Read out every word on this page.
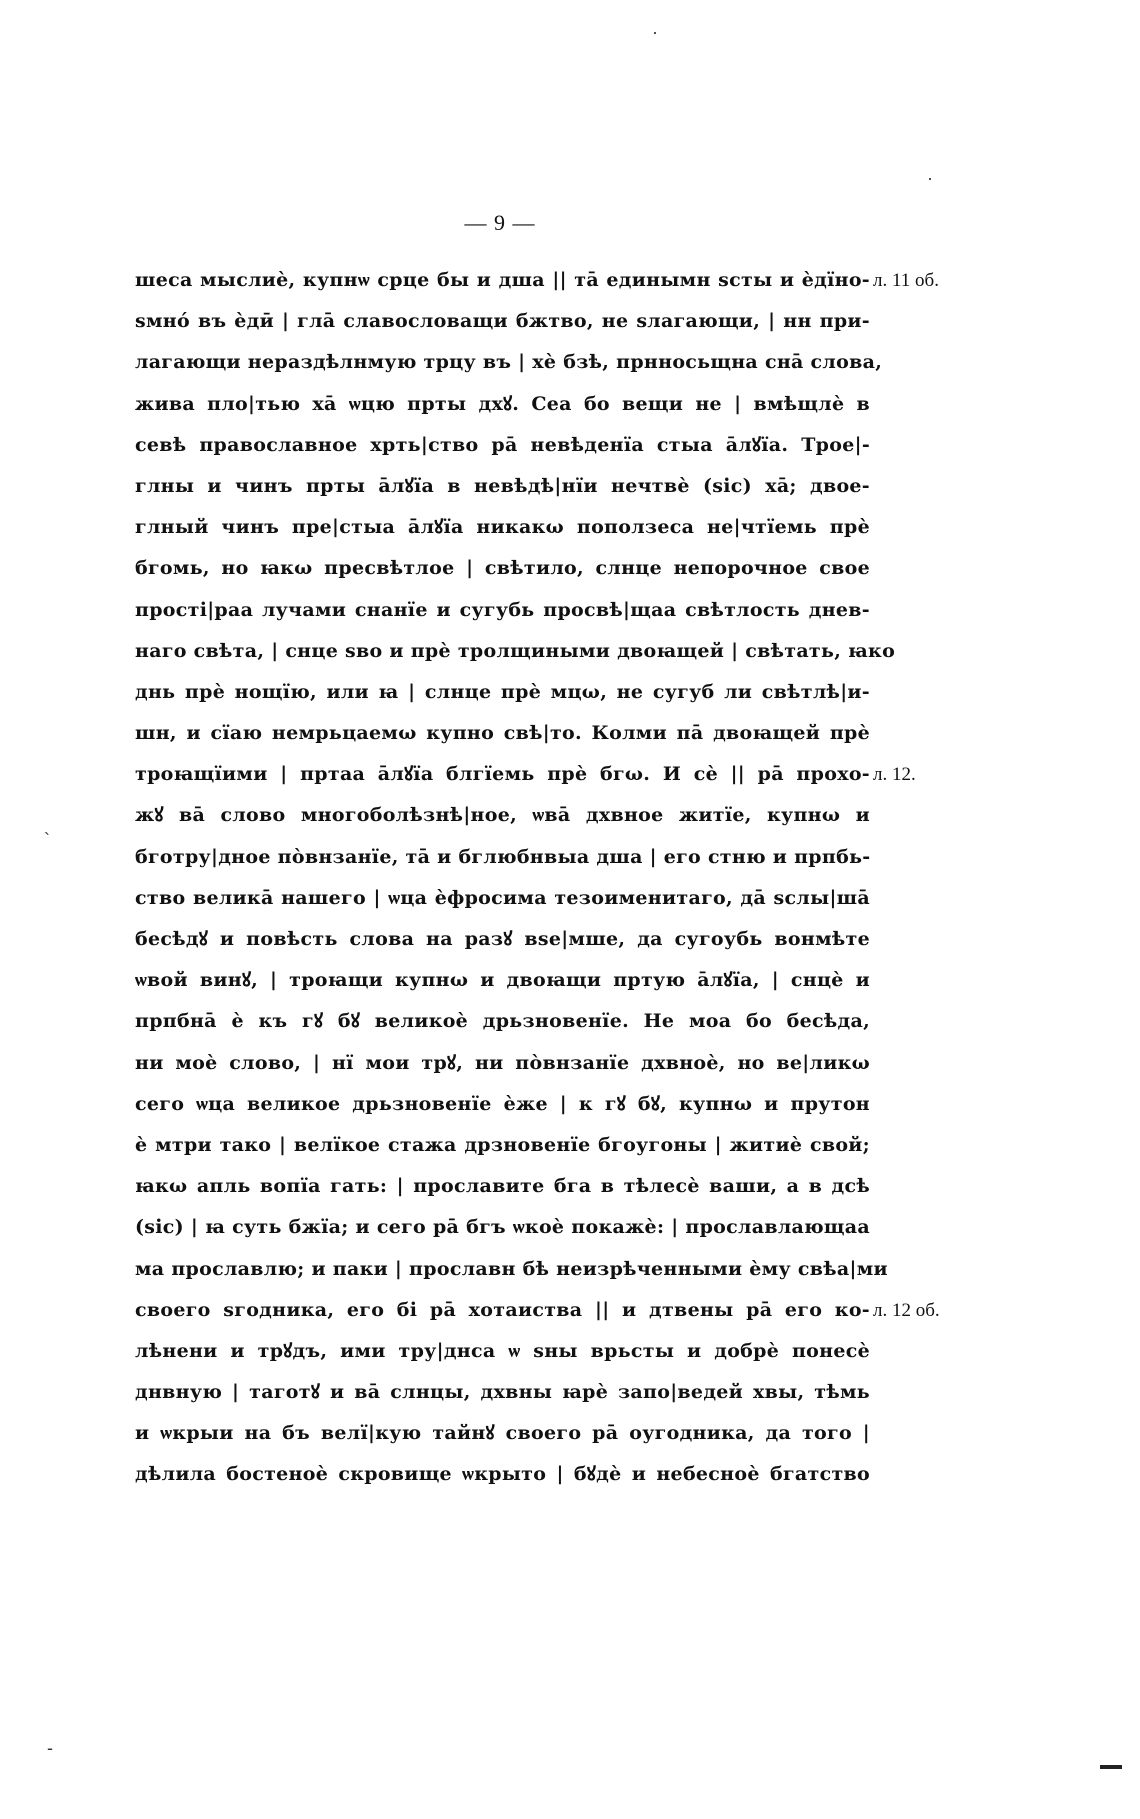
— 9 —
шеса мыслиѐ, купнѡ срце бы и дша || тā единымн ѕсты и ѐдїно- л. 11 об.
ѕмнó въ ѐдӣ | глā славословащи бжтво, не ѕлагающи, | нн при-
лагающи нераздѣлнмую трцу въ | хѐ бзѣ, прнносьщна снā слова,
жива пло|тью хā ѡцю прты дхꙋ. Сеа бо вещи не | вмѣщлѐ в
севѣ православное хрть|ство рā невѣденїа стыа āлꙋїа. Трое|-
глны и чинъ прты āлꙋїа в невѣдѣ|нїи нечтвѐ (sic) хā; двое-
глный чинъ пре|стыа āлꙋїа никакω поползеса не|чтїемь прѐ
бгомь, но ꙗкω пресвѣтлое | свѣтило, слнце непорочное свое
прості|раа лучами снанїе и сугубь просвѣ|щаа свѣтлость днев-
наго свѣта, | снце ѕво и прѐ тролщиными двоꙗщей | свѣтать, ꙗко
днь прѐ нощїю, или ꙗ | слнце прѐ мцω, не сугуб ли свѣтлѣ|и-
шн, и сїаю немрьцаемω купно свѣ|то. Колми пā двоꙗщей прѐ
троꙗщїими | пртаа āлꙋїа блгїемь прѐ бгω. И сѐ || рā прохо- л. 12.
жꙋ вā слово многоболѣзнѣ|ное, ѡвā дхвное житїе, купнω и
бготру|дное пòвнзанїе, тā и бглюбнвыа дша | его стню и прпбь-
ство великā нашего | ѡца ѐфросима тезоименитаго, дā ѕслы|шā
бесѣдꙋ и повѣсть слова на разꙋ вѕе|мше, да сугоубь вонмѣте
ѡвой винꙋ, | троꙗщи купнω и двоꙗщи пртую āлꙋїа, | снцѐ и
прпбнā ѐ къ гꙋ бꙋ великоѐ дрьзновенїе. Не моа бо бесѣда,
ни моѐ слово, | нї мои трꙋ, ни пòвнзанїе дхвноѐ, но ве|ликω
сего ѡца великое дрьзновенїе ѐже | к гꙋ бꙋ, купнω и прутон
ѐ мтри тако | велїкое стажа дрзновенїе бгоугоны | житиѐ свой;
ꙗкω апль вопїа гать: | прославите бга в тѣлесѐ ваши, а в дсѣ
(sic) | ꙗ суть бжїа; и сего рā бгъ ѡкоѐ покажѐ: | прославлающаа
ма прославлю; и паки | прославн бѣ неизрѣченными ѐму свѣа|ми
своего ѕгодника, его бі рā хотаиства || и дтвены рā его ко- л. 12 об.
лѣнени и трꙋдъ, ими тру|днса ѡ ѕны врьсты и добрѐ понесѐ
днвную | таготꙋ и вā слнцы, дхвны ꙗрѐ запо|ведей хвы, тѣмь
и ѡкрыи на бъ велї|кую тайнꙋ своего рā оугодника, да того |
дѣлила бостеноѐ скровище ѡкрыто | бꙋдѐ и небесноѐ бгатство
·
·
`
-
